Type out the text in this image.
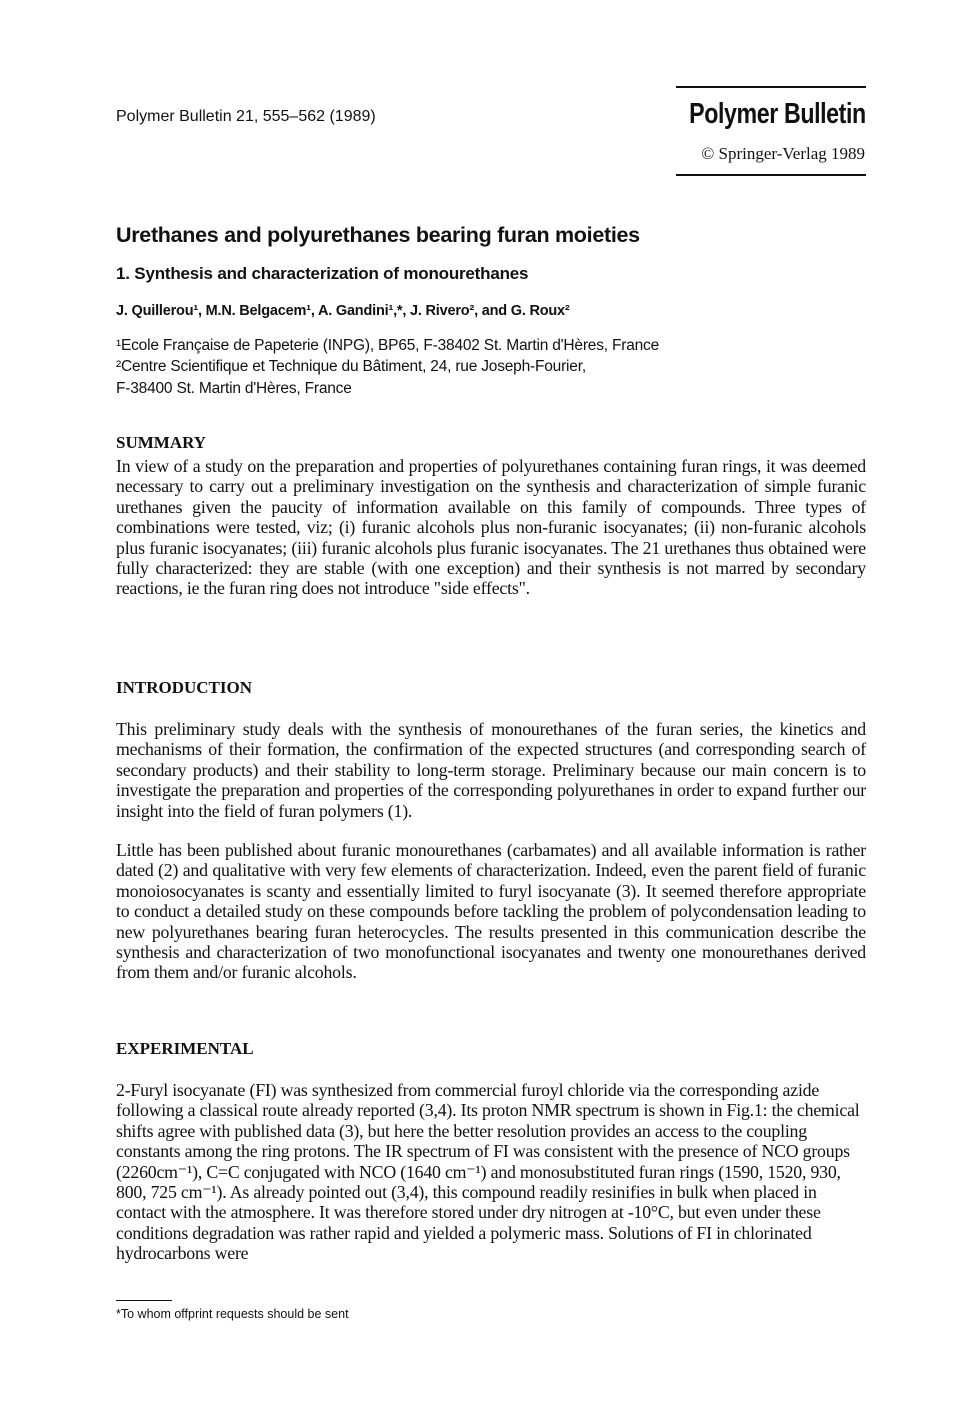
Polymer Bulletin 21, 555–562 (1989)	Polymer Bulletin
© Springer-Verlag 1989
Urethanes and polyurethanes bearing furan moieties
1. Synthesis and characterization of monourethanes
J. Quillerou¹, M.N. Belgacem¹, A. Gandini¹,*, J. Rivero², and G. Roux²
¹Ecole Française de Papeterie (INPG), BP65, F-38402 St. Martin d'Hères, France
²Centre Scientifique et Technique du Bâtiment, 24, rue Joseph-Fourier,
F-38400 St. Martin d'Hères, France
SUMMARY

In view of a study on the preparation and properties of polyurethanes containing furan rings, it was deemed necessary to carry out a preliminary investigation on the synthesis and characterization of simple furanic urethanes given the paucity of information available on this family of compounds. Three types of combinations were tested, viz; (i) furanic alcohols plus non-furanic isocyanates; (ii) non-furanic alcohols plus furanic isocyanates; (iii) furanic alcohols plus furanic isocyanates. The 21 urethanes thus obtained were fully characterized: they are stable (with one exception) and their synthesis is not marred by secondary reactions, ie the furan ring does not introduce "side effects".

INTRODUCTION

This preliminary study deals with the synthesis of monourethanes of the furan series, the kinetics and mechanisms of their formation, the confirmation of the expected structures (and corresponding search of secondary products) and their stability to long-term storage. Preliminary because our main concern is to investigate the preparation and properties of the corresponding polyurethanes in order to expand further our insight into the field of furan polymers (1).

Little has been published about furanic monourethanes (carbamates) and all available information is rather dated (2) and qualitative with very few elements of characterization. Indeed, even the parent field of furanic monoiosocyanates is scanty and essentially limited to furyl isocyanate (3). It seemed therefore appropriate to conduct a detailed study on these compounds before tackling the problem of polycondensation leading to new polyurethanes bearing furan heterocycles. The results presented in this communication describe the synthesis and characterization of two monofunctional isocyanates and twenty one monourethanes derived from them and/or furanic alcohols.

EXPERIMENTAL

2-Furyl isocyanate (FI) was synthesized from commercial furoyl chloride via the corresponding azide following a classical route already reported (3,4). Its proton NMR spectrum is shown in Fig.1: the chemical shifts agree with published data (3), but here the better resolution provides an access to the coupling constants among the ring protons. The IR spectrum of FI was consistent with the presence of NCO groups (2260cm⁻¹), C=C conjugated with NCO (1640 cm⁻¹) and monosubstituted furan rings (1590, 1520, 930, 800, 725 cm⁻¹). As already pointed out (3,4), this compound readily resinifies in bulk when placed in contact with the atmosphere. It was therefore stored under dry nitrogen at -10°C, but even under these conditions degradation was rather rapid and yielded a polymeric mass. Solutions of FI in chlorinated hydrocarbons were

*To whom offprint requests should be sent
